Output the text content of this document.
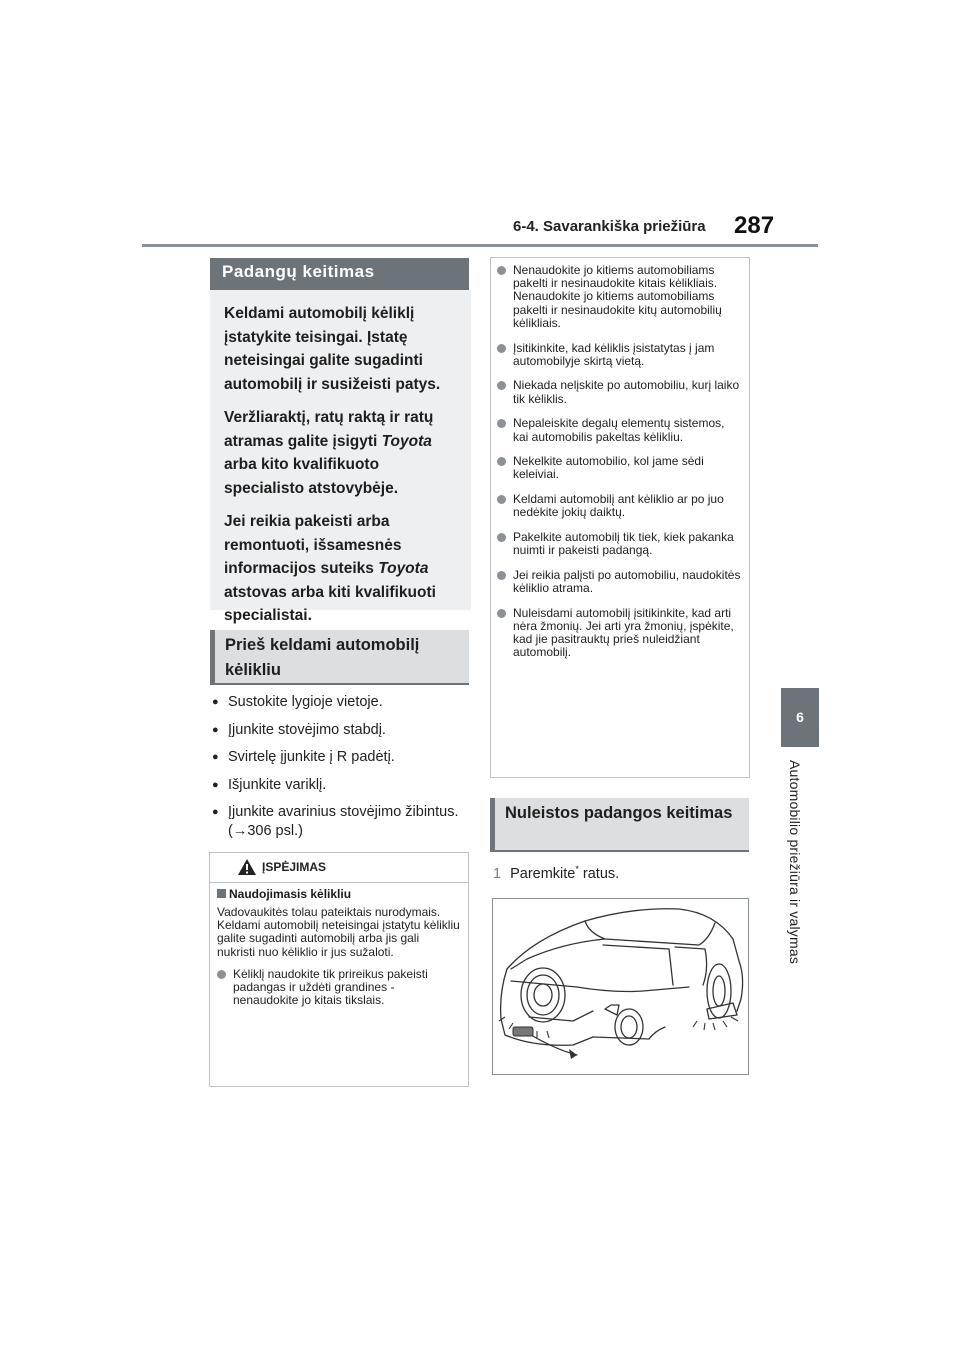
6-4. Savarankiška priežiūra 287
6
Automobilio priežiūra ir valymas
Padangų keitimas

Keldami automobilį kėliklį įstatykite teisingai. Įstatę neteisingai galite sugadinti automobilį ir susižeisti patys.

Veržliaraktį, ratų raktą ir ratų atramas galite įsigyti Toyota arba kito kvalifikuoto specialisto atstovybėje.

Jei reikia pakeisti arba remontuoti, išsamesnės informacijos suteiks Toyota atstovas arba kiti kvalifikuoti specialistai.

Prieš keldami automobilį kėlikliu
● Sustokite lygioje vietoje.
● Įjunkite stovėjimo stabdį.
● Svirtelę įjunkite į R padėtį.
● Išjunkite variklį.
● Įjunkite avarinius stovėjimo žibintus. (→306 psl.)
ĮSPĖJIMAS
Naudojimasis kėlikliu
Vadovaukitės tolau pateiktais nurodymais. Keldami automobilį neteisingai įstatytu kėlikliu galite sugadinti automobilį arba jis gali nukristi nuo kėliklio ir jus sužaloti.
Kėliklį naudokite tik prireikus pakeisti padangas ir uždėti grandines - nenaudokite jo kitais tikslais.
Nenaudokite jo kitiems automobiliams pakelti ir nesinaudokite kitais kėlikliais. Nenaudokite jo kitiems automobiliams pakelti ir nesinaudokite kitų automobilių kėlikliais.
Įsitikinkite, kad kėliklis įsistatytas į jam automobilyje skirtą vietą.
Niekada nelįskite po automobiliu, kurį laiko tik kėliklis.
Nepaleiskite degalų elementų sistemos, kai automobilis pakeltas kėlikliu.
Nekelkite automobilio, kol jame sėdi keleiviai.
Keldami automobilį ant kėliklio ar po juo nedėkite jokių daiktų.
Pakelkite automobilį tik tiek, kiek pakanka nuimti ir pakeisti padangą.
Jei reikia palįsti po automobiliu, naudokitės kėliklio atrama.
Nuleisdami automobilį įsitikinkite, kad arti nėra žmonių. Jei arti yra žmonių, įspėkite, kad jie pasitrauktų prieš nuleidžiant automobilį.
Nuleistos padangos keitimas
1 Paremkite* ratus.
